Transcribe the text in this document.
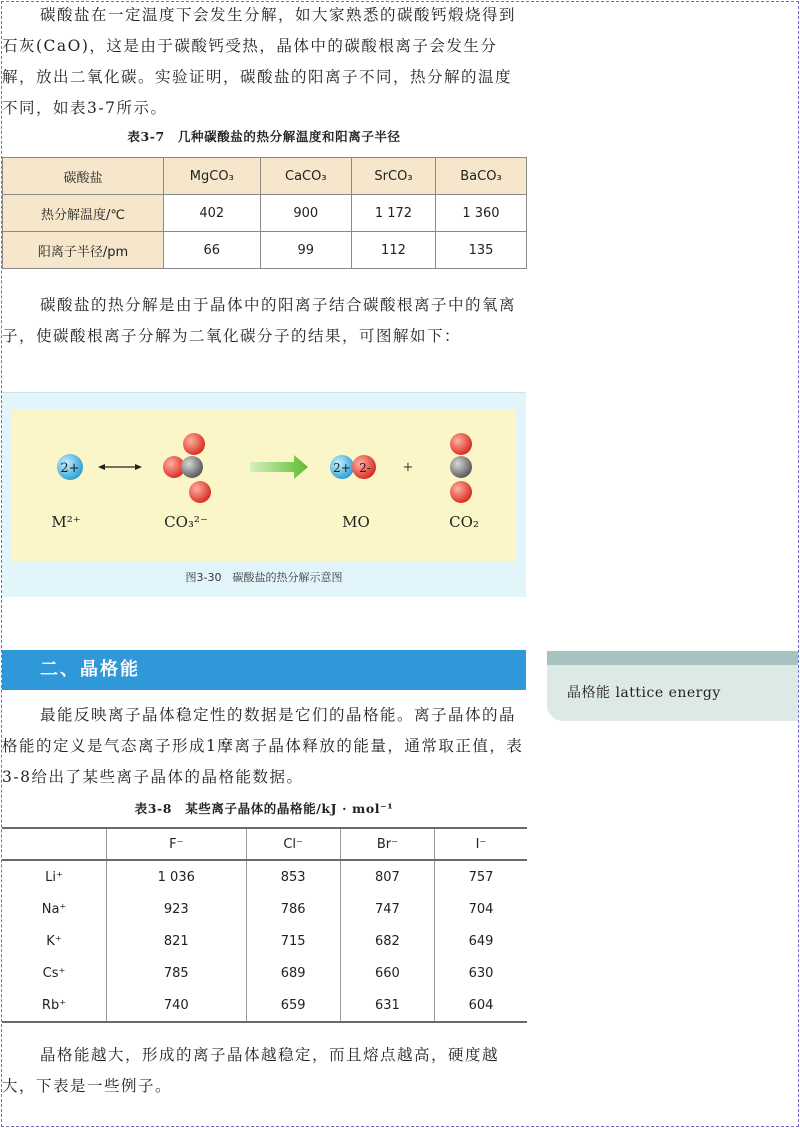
碳酸盐在一定温度下会发生分解，如大家熟悉的碳酸钙煅烧得到石灰(CaO)，这是由于碳酸钙受热，晶体中的碳酸根离子会发生分解，放出二氧化碳。实验证明，碳酸盐的阳离子不同，热分解的温度不同，如表3-7所示。

表3-7　几种碳酸盐的热分解温度和阳离子半径
碳酸盐	MgCO₃	CaCO₃	SrCO₃	BaCO₃
热分解温度/℃	402	900	1 172	1 360
阳离子半径/pm	66	99	112	135

碳酸盐的热分解是由于晶体中的阳离子结合碳酸根离子中的氧离子，使碳酸根离子分解为二氧化碳分子的结果，可图解如下：

2+	2+ 2- +
M²⁺	CO₃²⁻	MO	CO₂
图3-30　碳酸盐的热分解示意图
二、晶格能
晶格能 lattice energy

最能反映离子晶体稳定性的数据是它们的晶格能。离子晶体的晶格能的定义是气态离子形成1摩离子晶体释放的能量，通常取正值，表3-8给出了某些离子晶体的晶格能数据。

表3-8　某些离子晶体的晶格能/kJ · mol⁻¹
	F⁻	Cl⁻	Br⁻	I⁻
Li⁺	1 036	853	807	757
Na⁺	923	786	747	704
K⁺	821	715	682	649
Cs⁺	785	689	660	630
Rb⁺	740	659	631	604

晶格能越大，形成的离子晶体越稳定，而且熔点越高，硬度越大，下表是一些例子。
